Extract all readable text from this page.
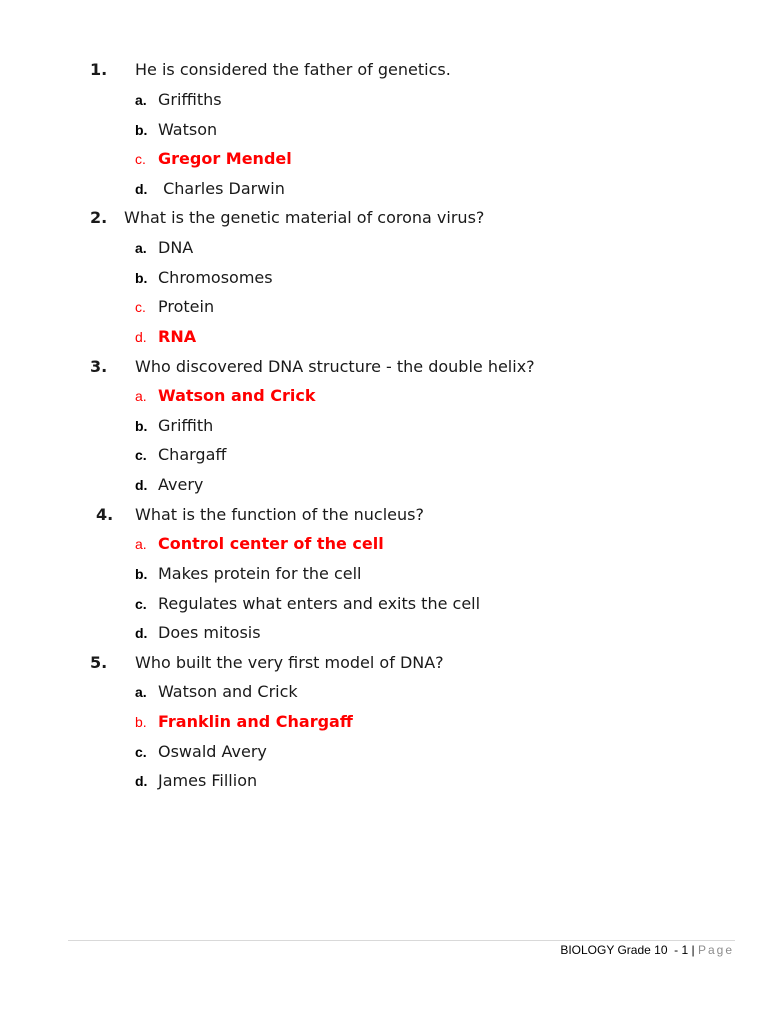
1. He is considered the father of genetics.
a. Griffiths
b. Watson
c. Gregor Mendel
d. Charles Darwin
2. What is the genetic material of corona virus?
a. DNA
b. Chromosomes
c. Protein
d. RNA
3. Who discovered DNA structure - the double helix?
a. Watson and Crick
b. Griffith
c. Chargaff
d. Avery
4. What is the function of the nucleus?
a. Control center of the cell
b. Makes protein for the cell
c. Regulates what enters and exits the cell
d. Does mitosis
5. Who built the very first model of DNA?
a. Watson and Crick
b. Franklin and Chargaff
c. Oswald Avery
d. James Fillion
BIOLOGY Grade 10  - 1 | Page
